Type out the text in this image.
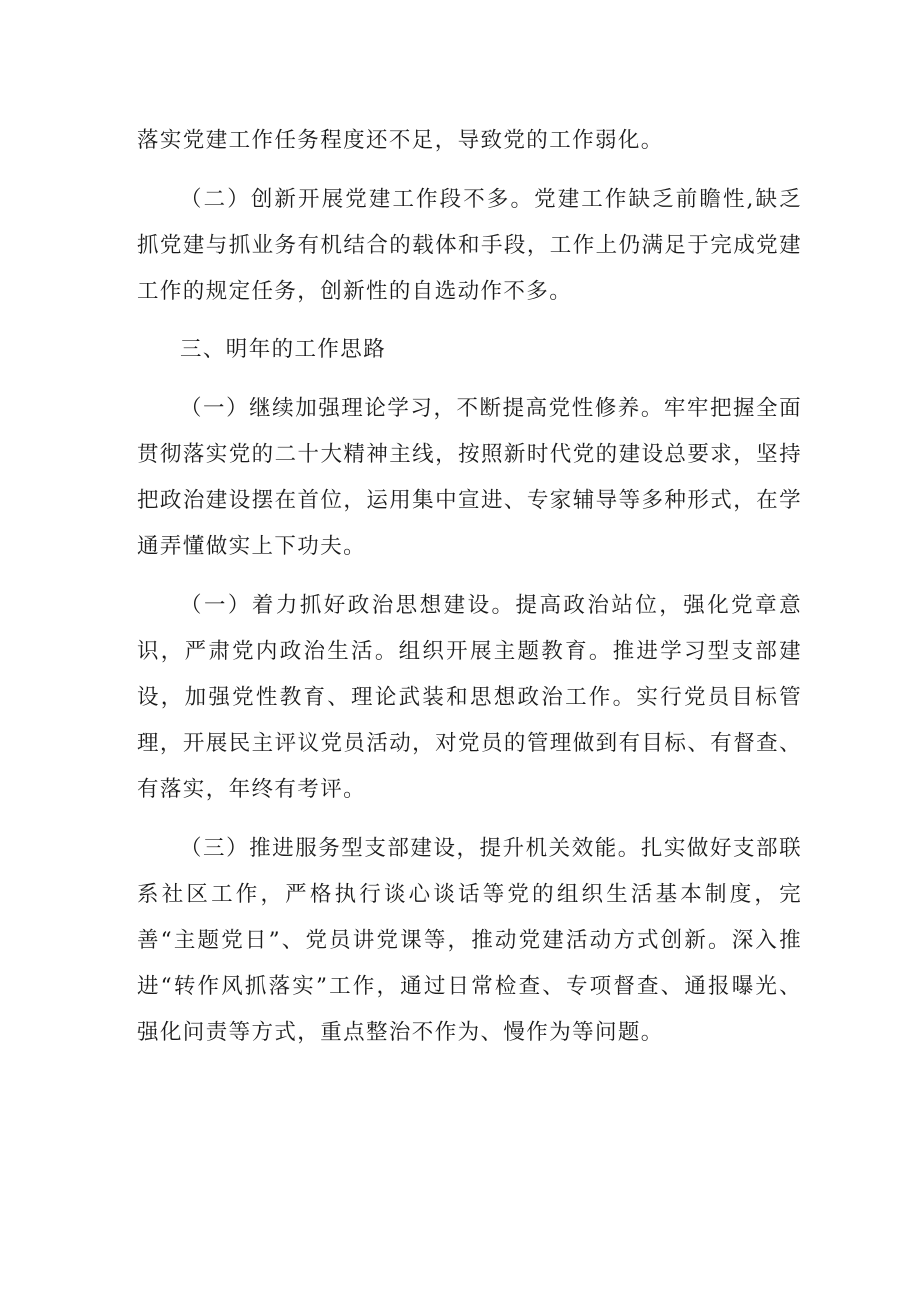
落实党建工作任务程度还不足，导致党的工作弱化。

（二）创新开展党建工作段不多。党建工作缺乏前瞻性,缺乏抓党建与抓业务有机结合的载体和手段，工作上仍满足于完成党建工作的规定任务，创新性的自选动作不多。

三、明年的工作思路

（一）继续加强理论学习，不断提高党性修养。牢牢把握全面贯彻落实党的二十大精神主线，按照新时代党的建设总要求，坚持把政治建设摆在首位，运用集中宣进、专家辅导等多种形式，在学通弄懂做实上下功夫。

（一）着力抓好政治思想建设。提高政治站位，强化党章意识，严肃党内政治生活。组织开展主题教育。推进学习型支部建设，加强党性教育、理论武装和思想政治工作。实行党员目标管理，开展民主评议党员活动，对党员的管理做到有目标、有督查、有落实，年终有考评。

（三）推进服务型支部建设，提升机关效能。扎实做好支部联系社区工作，严格执行谈心谈话等党的组织生活基本制度，完善“主题党日”、党员讲党课等，推动党建活动方式创新。深入推进“转作风抓落实”工作，通过日常检查、专项督查、通报曝光、强化问责等方式，重点整治不作为、慢作为等问题。
